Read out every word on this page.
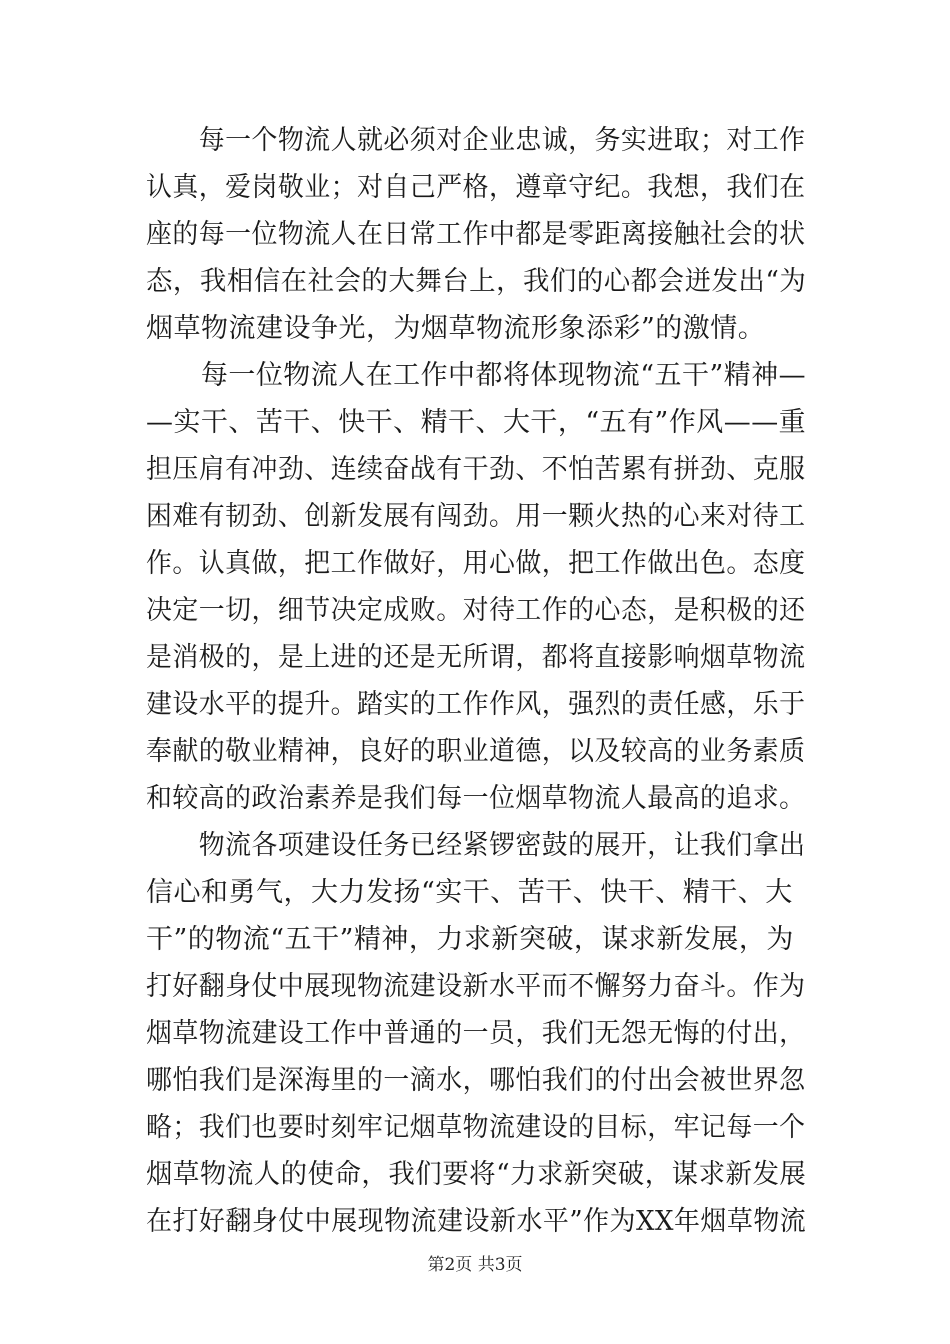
　　每一个物流人就必须对企业忠诚，务实进取；对工作
认真，爱岗敬业；对自己严格，遵章守纪。我想，我们在
座的每一位物流人在日常工作中都是零距离接触社会的状
态，我相信在社会的大舞台上，我们的心都会迸发出“为
烟草物流建设争光，为烟草物流形象添彩”的激情。
　　每一位物流人在工作中都将体现物流“五干”精神—
—实干、苦干、快干、精干、大干，“五有”作风——重
担压肩有冲劲、连续奋战有干劲、不怕苦累有拼劲、克服
困难有韧劲、创新发展有闯劲。用一颗火热的心来对待工
作。认真做，把工作做好，用心做，把工作做出色。态度
决定一切，细节决定成败。对待工作的心态，是积极的还
是消极的，是上进的还是无所谓，都将直接影响烟草物流
建设水平的提升。踏实的工作作风，强烈的责任感，乐于
奉献的敬业精神，良好的职业道德，以及较高的业务素质
和较高的政治素养是我们每一位烟草物流人最高的追求。
　　物流各项建设任务已经紧锣密鼓的展开，让我们拿出
信心和勇气，大力发扬“实干、苦干、快干、精干、大
干”的物流“五干”精神，力求新突破，谋求新发展，为
打好翻身仗中展现物流建设新水平而不懈努力奋斗。作为
烟草物流建设工作中普通的一员，我们无怨无悔的付出，
哪怕我们是深海里的一滴水，哪怕我们的付出会被世界忽
略；我们也要时刻牢记烟草物流建设的目标，牢记每一个
烟草物流人的使命，我们要将“力求新突破，谋求新发展
在打好翻身仗中展现物流建设新水平”作为XX年烟草物流
第2页 共3页
